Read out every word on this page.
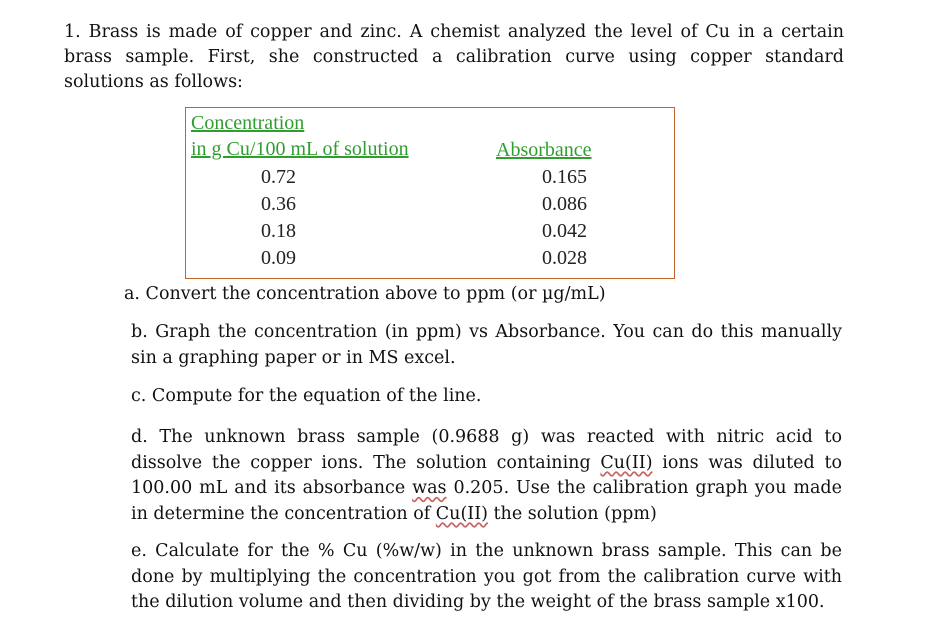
1. Brass is made of copper and zinc. A chemist analyzed the level of Cu in a certain brass sample. First, she constructed a calibration curve using copper standard solutions as follows:

Concentration
in g Cu/100 mL of solution	Absorbance
0.72
0.36
0.18
0.09
0.165
0.086
0.042
0.028

a. Convert the concentration above to ppm (or µg/mL)

b. Graph the concentration (in ppm) vs Absorbance. You can do this manually sin a graphing paper or in MS excel.

c. Compute for the equation of the line.

d. The unknown brass sample (0.9688 g) was reacted with nitric acid to dissolve the copper ions. The solution containing Cu(II) ions was diluted to 100.00 mL and its absorbance was 0.205. Use the calibration graph you made in determine the concentration of Cu(II) the solution (ppm)

e. Calculate for the % Cu (%w/w) in the unknown brass sample. This can be done by multiplying the concentration you got from the calibration curve with the dilution volume and then dividing by the weight of the brass sample x100.
